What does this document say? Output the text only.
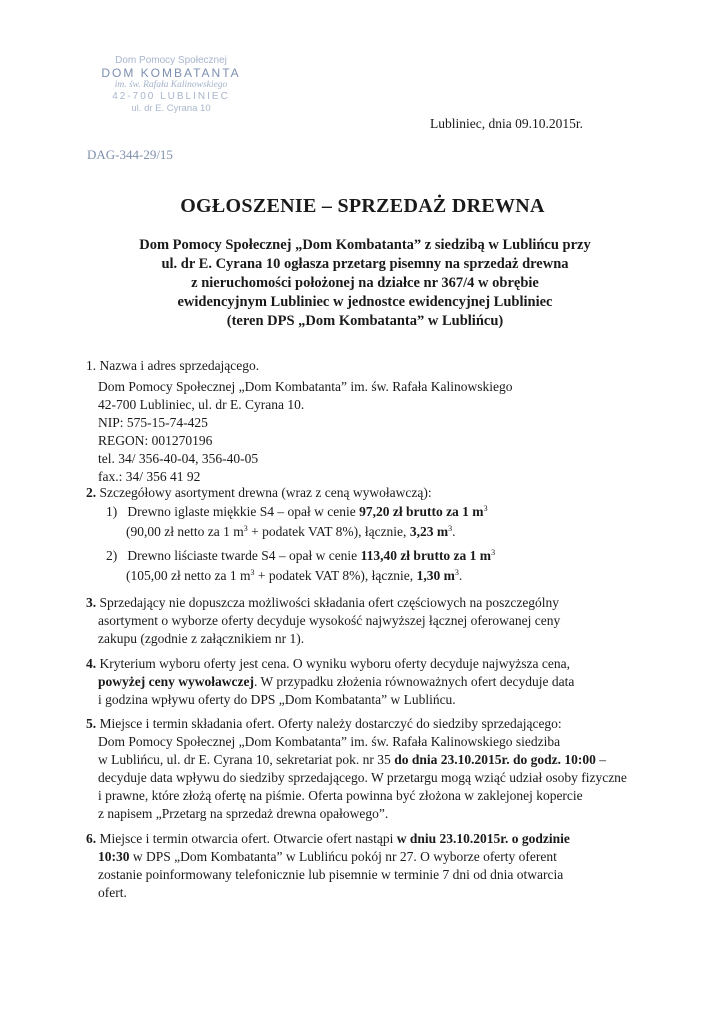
Dom Pomocy Społecznej
DOM KOMBATANTA
im. św. Rafała Kalinowskiego
42-700 LUBLINIEC
ul. dr E. Cyrana 10
Lubliniec, dnia 09.10.2015r.
DAG-344-29/15
OGŁOSZENIE – SPRZEDAŻ DREWNA
Dom Pomocy Społecznej „Dom Kombatanta” z siedzibą w Lublińcu przy
ul. dr E. Cyrana 10 ogłasza przetarg pisemny na sprzedaż drewna
z nieruchomości położonej na działce nr 367/4 w obrębie
ewidencyjnym Lubliniec w jednostce ewidencyjnej Lubliniec
(teren DPS „Dom Kombatanta” w Lublińcu)
1. Nazwa i adres sprzedającego.
Dom Pomocy Społecznej „Dom Kombatanta” im. św. Rafała Kalinowskiego
42-700 Lubliniec, ul. dr E. Cyrana 10.
NIP: 575-15-74-425
REGON: 001270196
tel. 34/ 356-40-04, 356-40-05
fax.: 34/ 356 41 92
2. Szczegółowy asortyment drewna (wraz z ceną wywoławczą):
1) Drewno iglaste miękkie S4 – opał w cenie 97,20 zł brutto za 1 $m^3$
(90,00 zł netto za 1 $m^3$ + podatek VAT 8%), łącznie, 3,23 $m^3$.
2) Drewno liściaste twarde S4 – opał w cenie 113,40 zł brutto za 1 $m^3$
(105,00 zł netto za 1 $m^3$ + podatek VAT 8%), łącznie, 1,30 $m^3$.
3. Sprzedający nie dopuszcza możliwości składania ofert częściowych na poszczególny
asortyment o wyborze oferty decyduje wysokość najwyższej łącznej oferowanej ceny
zakupu (zgodnie z załącznikiem nr 1).
4. Kryterium wyboru oferty jest cena. O wyniku wyboru oferty decyduje najwyższa cena,
powyżej ceny wywoławczej. W przypadku złożenia równoważnych ofert decyduje data
i godzina wpływu oferty do DPS „Dom Kombatanta” w Lublińcu.
5. Miejsce i termin składania ofert. Oferty należy dostarczyć do siedziby sprzedającego:
Dom Pomocy Społecznej „Dom Kombatanta” im. św. Rafała Kalinowskiego siedziba
w Lublińcu, ul. dr E. Cyrana 10, sekretariat pok. nr 35 do dnia 23.10.2015r. do godz. 10:00 –
decyduje data wpływu do siedziby sprzedającego. W przetargu mogą wziąć udział osoby fizyczne
i prawne, które złożą ofertę na piśmie. Oferta powinna być złożona w zaklejonej kopercie
z napisem „Przetarg na sprzedaż drewna opałowego”.
6. Miejsce i termin otwarcia ofert. Otwarcie ofert nastąpi w dniu 23.10.2015r. o godzinie
10:30 w DPS „Dom Kombatanta” w Lublińcu pokój nr 27. O wyborze oferty oferent
zostanie poinformowany telefonicznie lub pisemnie w terminie 7 dni od dnia otwarcia
ofert.
